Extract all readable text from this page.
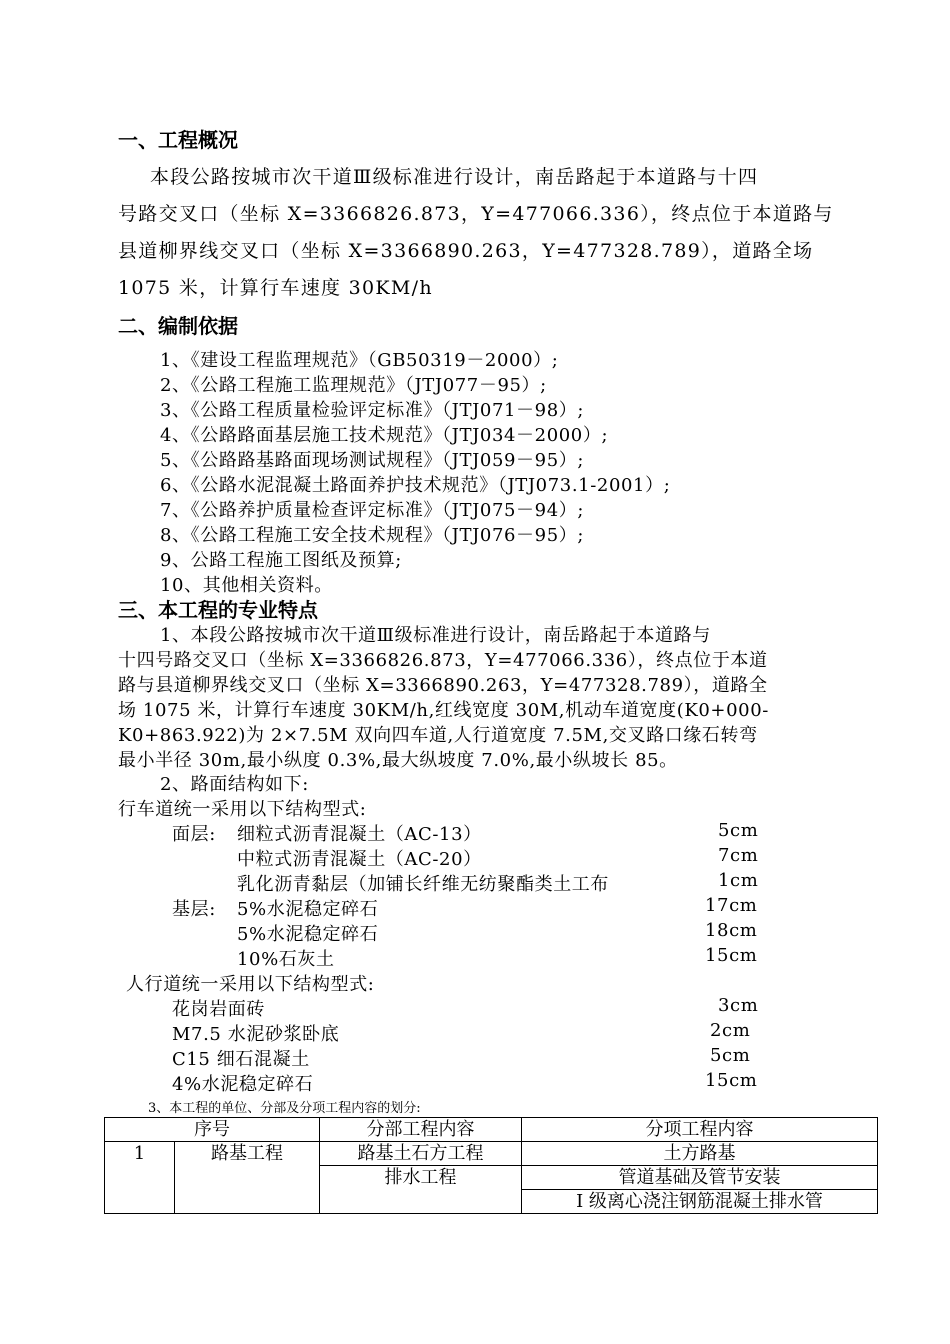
一、工程概况
本段公路按城市次干道Ⅲ级标准进行设计，南岳路起于本道路与十四
号路交叉口（坐标 X=3366826.873，Y=477066.336），终点位于本道路与
县道柳界线交叉口（坐标 X=3366890.263，Y=477328.789），道路全场
1075 米，计算行车速度 30KM/h
二、编制依据
1、《建设工程监理规范》（GB50319－2000）;
2、《公路工程施工监理规范》（JTJ077－95）;
3、《公路工程质量检验评定标准》（JTJ071－98）;
4、《公路路面基层施工技术规范》（JTJ034－2000）;
5、《公路路基路面现场测试规程》（JTJ059－95）;
6、《公路水泥混凝土路面养护技术规范》（JTJ073.1-2001）;
7、《公路养护质量检查评定标准》（JTJ075－94）;
8、《公路工程施工安全技术规程》（JTJ076－95）;
9、公路工程施工图纸及预算;
10、其他相关资料。
三、本工程的专业特点
1、本段公路按城市次干道Ⅲ级标准进行设计，南岳路起于本道路与
十四号路交叉口（坐标 X=3366826.873，Y=477066.336），终点位于本道
路与县道柳界线交叉口（坐标 X=3366890.263，Y=477328.789），道路全
场 1075 米，计算行车速度 30KM/h,红线宽度 30M,机动车道宽度(K0+000-
K0+863.922)为 2×7.5M 双向四车道,人行道宽度 7.5M,交叉路口缘石转弯
最小半径 30m,最小纵度 0.3%,最大纵坡度 7.0%,最小纵坡长 85。
2、路面结构如下:
行车道统一采用以下结构型式:
面层: 细粒式沥青混凝土（AC-13）	5cm
中粒式沥青混凝土（AC-20）	7cm
乳化沥青黏层（加铺长纤维无纺聚酯类土工布	1cm
基层: 5%水泥稳定碎石	17cm
5%水泥稳定碎石	18cm
10%石灰土	15cm
人行道统一采用以下结构型式:
花岗岩面砖	3cm
M7.5 水泥砂浆卧底	2cm
C15 细石混凝土	5cm
4%水泥稳定碎石	15cm
3、本工程的单位、分部及分项工程内容的划分:
序号		分部工程内容	分项工程内容
1	路基工程	路基土石方工程	土方路基
		排水工程	管道基础及管节安装
			Ⅰ 级离心浇注钢筋混凝土排水管
